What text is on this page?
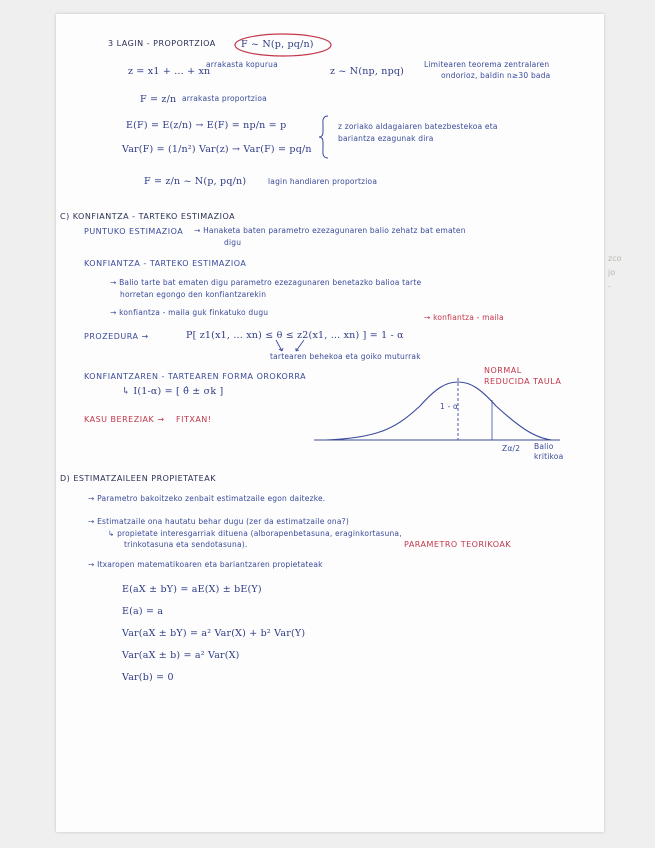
3 LAGIN - PROPORTZIOA	F ~ N(p, pq/n)
z = x1 + ... + xn
arrakasta kopurua
z ~ N(np, npq)
Limitearen teorema zentralaren
ondorioz, baldin n≥30 bada
F = z/n arrakasta proportzioa
E(F) = E(z/n) → E(F) = np/n = p
Var(F) = (1/n²) Var(z) → Var(F) = pq/n
z zoriako aldagaiaren batezbestekoa eta
bariantza ezagunak dira
F = z/n ~ N(p, pq/n)	lagin handiaren proportzioa
C) KONFIANTZA - TARTEKO ESTIMAZIOA
PUNTUKO ESTIMAZIOA → Hanaketa baten parametro ezezagunaren balio zehatz bat ematen
digu
KONFIANTZA - TARTEKO ESTIMAZIOA
→ Balio tarte bat ematen digu parametro ezezagunaren benetazko balioa tarte
horretan egongo den konfiantzarekin
→ konfiantza - maila guk finkatuko dugu
PROZEDURA →	P[ z1(x1, ... xn) ≤ θ ≤ z2(x1, ... xn) ] = 1 - α
→ konfiantza - maila
tartearen behekoa eta goiko muturrak
KONFIANTZAREN - TARTEAREN FORMA OROKORRA
↳ I(1-α) = [ θ̂ ± σk ]
KASU BEREZIAK → FITXAN!
NORMAL
REDUCIDA TAULA
1 - α
Zα/2 Balio
kritikoa
D) ESTIMATZAILEEN PROPIETATEAK
→ Parametro bakoitzeko zenbait estimatzaile egon daitezke.
→ Estimatzaile ona hautatu behar dugu (zer da estimatzaile ona?)
↳ propietate interesgarriak dituena (alborapenbetasuna, eraginkortasuna,
trinkotasuna eta sendotasuna).	PARAMETRO TEORIKOAK
→ Itxaropen matematikoaren eta bariantzaren propietateak
E(aX ± bY) = aE(X) ± bE(Y)
E(a) = a
Var(aX ± bY) = a² Var(X) + b² Var(Y)
Var(aX ± b) = a² Var(X)
Var(b) = 0
zco
jo
-
